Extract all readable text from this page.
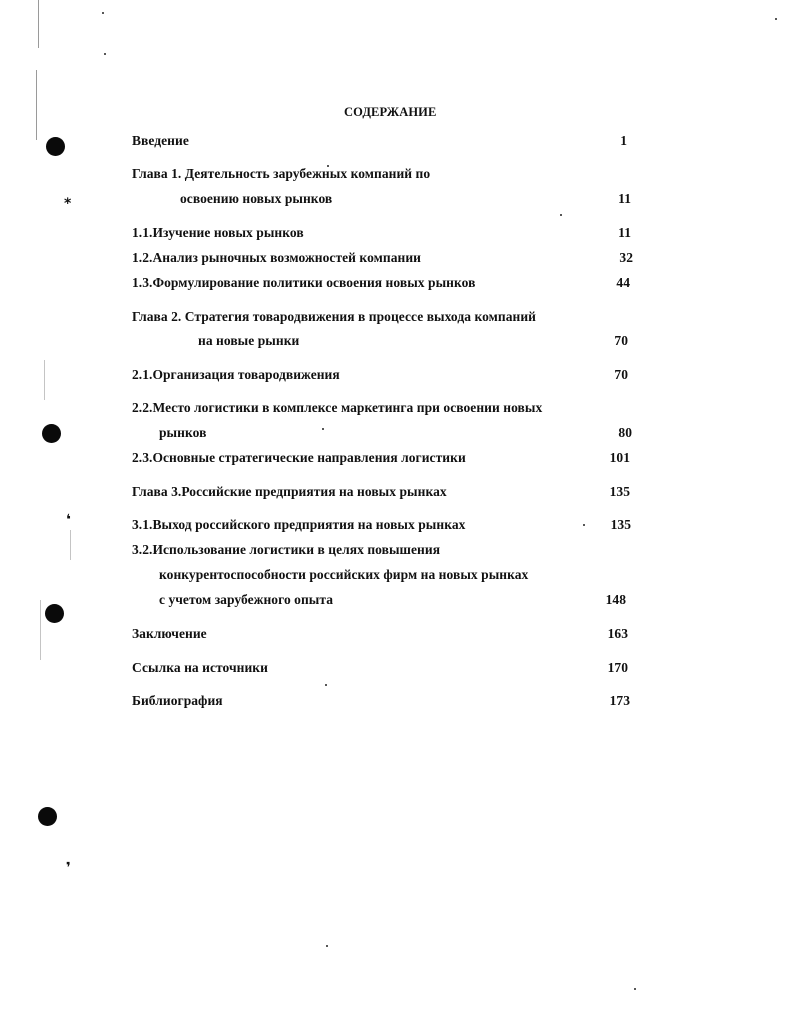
⁎
❛
❜
СОДЕРЖАНИЕ
Введение	1
Глава 1. Деятельность зарубежных компаний по
освоению новых рынков	11
1.1.Изучение новых рынков	11
1.2.Анализ рыночных возможностей компании	32
1.3.Формулирование политики освоения новых рынков	44
Глава 2. Стратегия товародвижения в процессе выхода компаний
на новые рынки	70
2.1.Организация товародвижения	70
2.2.Место логистики в комплексе маркетинга при освоении новых
рынков	80
2.3.Основные стратегические направления логистики	101
Глава 3.Российские предприятия на новых рынках	135
3.1.Выход российского предприятия на новых рынках	135
3.2.Использование логистики в целях повышения
конкурентоспособности российских фирм на новых рынках
с учетом зарубежного опыта	148
Заключение	163
Ссылка на источники	170
Библиография	173
